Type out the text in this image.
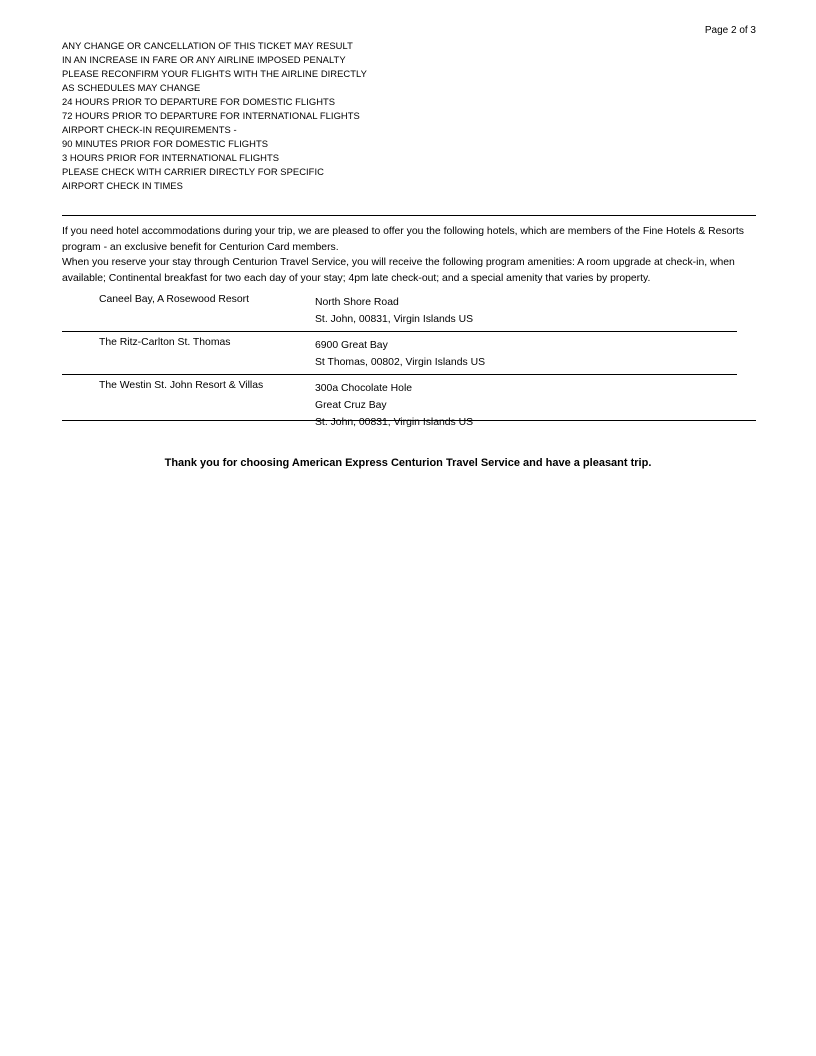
Page 2 of 3
ANY CHANGE OR CANCELLATION OF THIS TICKET MAY RESULT
IN AN INCREASE IN FARE OR ANY AIRLINE IMPOSED PENALTY
PLEASE RECONFIRM YOUR FLIGHTS WITH THE AIRLINE DIRECTLY
AS SCHEDULES MAY CHANGE
24 HOURS PRIOR TO DEPARTURE FOR DOMESTIC FLIGHTS
72 HOURS PRIOR TO DEPARTURE FOR INTERNATIONAL FLIGHTS
AIRPORT CHECK-IN REQUIREMENTS -
90 MINUTES PRIOR FOR DOMESTIC FLIGHTS
3 HOURS PRIOR FOR INTERNATIONAL FLIGHTS
PLEASE CHECK WITH CARRIER DIRECTLY FOR SPECIFIC
AIRPORT CHECK IN TIMES

If you need hotel accommodations during your trip, we are pleased to offer you the following hotels, which are members of the Fine Hotels & Resorts program - an exclusive benefit for Centurion Card members.

When you reserve your stay through Centurion Travel Service, you will receive the following program amenities: A room upgrade at check-in, when available; Continental breakfast for two each day of your stay; 4pm late check-out; and a special amenity that varies by property.

Caneel Bay, A Rosewood Resort	North Shore Road
St. John, 00831, Virgin Islands US
The Ritz-Carlton St. Thomas	6900 Great Bay
St Thomas, 00802, Virgin Islands US
The Westin St. John Resort & Villas	300a Chocolate Hole
Great Cruz Bay
St. John, 00831, Virgin Islands US
Thank you for choosing American Express Centurion Travel Service and have a pleasant trip.
